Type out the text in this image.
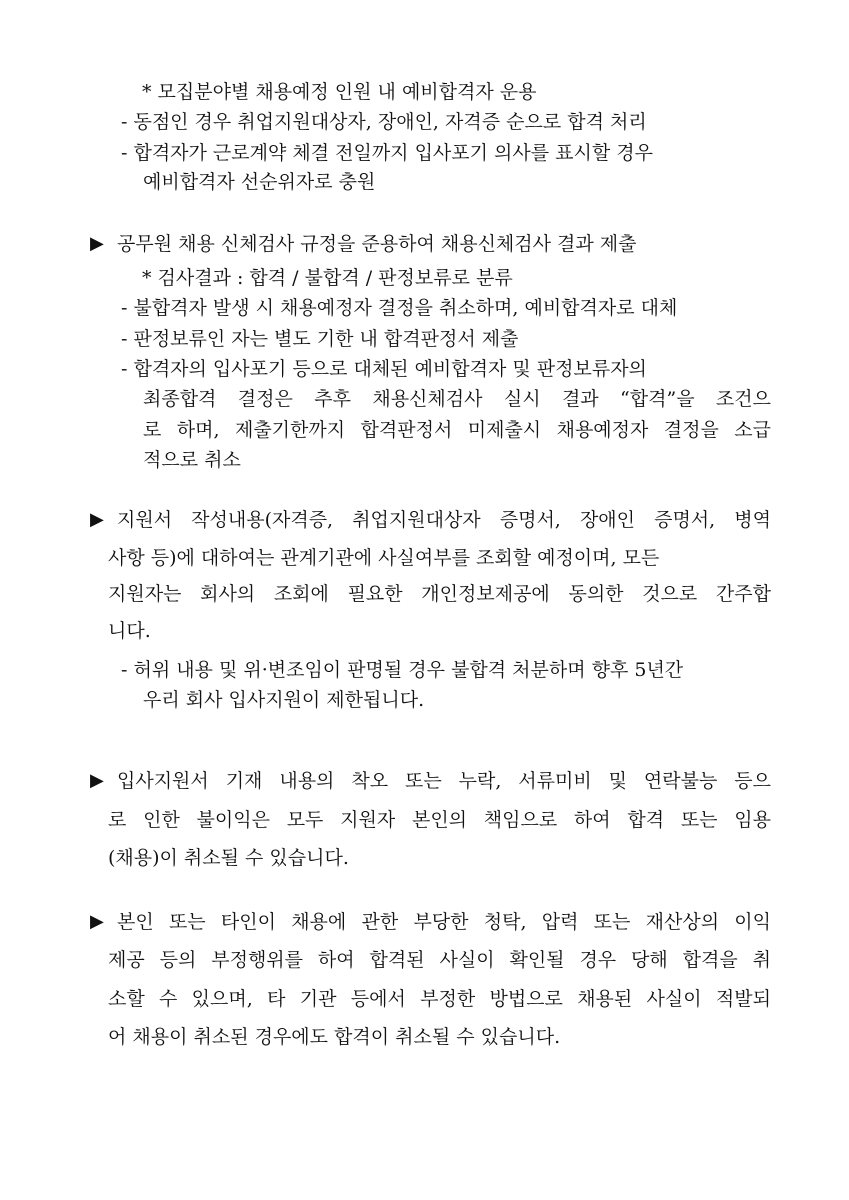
* 모집분야별 채용예정 인원 내 예비합격자 운용
- 동점인 경우 취업지원대상자, 장애인, 자격증 순으로 합격 처리
- 합격자가 근로계약 체결 전일까지 입사포기 의사를 표시할 경우
예비합격자 선순위자로 충원
▶ 공무원 채용 신체검사 규정을 준용하여 채용신체검사 결과 제출
* 검사결과 : 합격 / 불합격 / 판정보류로 분류
- 불합격자 발생 시 채용예정자 결정을 취소하며, 예비합격자로 대체
- 판정보류인 자는 별도 기한 내 합격판정서 제출
- 합격자의 입사포기 등으로 대체된 예비합격자 및 판정보류자의
최종합격 결정은 추후 채용신체검사 실시 결과 “합격”을 조건으
로 하며, 제출기한까지 합격판정서 미제출시 채용예정자 결정을 소급
적으로 취소
▶ 지원서 작성내용(자격증, 취업지원대상자 증명서, 장애인 증명서, 병역
사항 등)에 대하여는 관계기관에 사실여부를 조회할 예정이며, 모든
지원자는 회사의 조회에 필요한 개인정보제공에 동의한 것으로 간주합
니다.
- 허위 내용 및 위·변조임이 판명될 경우 불합격 처분하며 향후 5년간
우리 회사 입사지원이 제한됩니다.
▶ 입사지원서 기재 내용의 착오 또는 누락, 서류미비 및 연락불능 등으
로 인한 불이익은 모두 지원자 본인의 책임으로 하여 합격 또는 임용
(채용)이 취소될 수 있습니다.
▶ 본인 또는 타인이 채용에 관한 부당한 청탁, 압력 또는 재산상의 이익
제공 등의 부정행위를 하여 합격된 사실이 확인될 경우 당해 합격을 취
소할 수 있으며, 타 기관 등에서 부정한 방법으로 채용된 사실이 적발되
어 채용이 취소된 경우에도 합격이 취소될 수 있습니다.
